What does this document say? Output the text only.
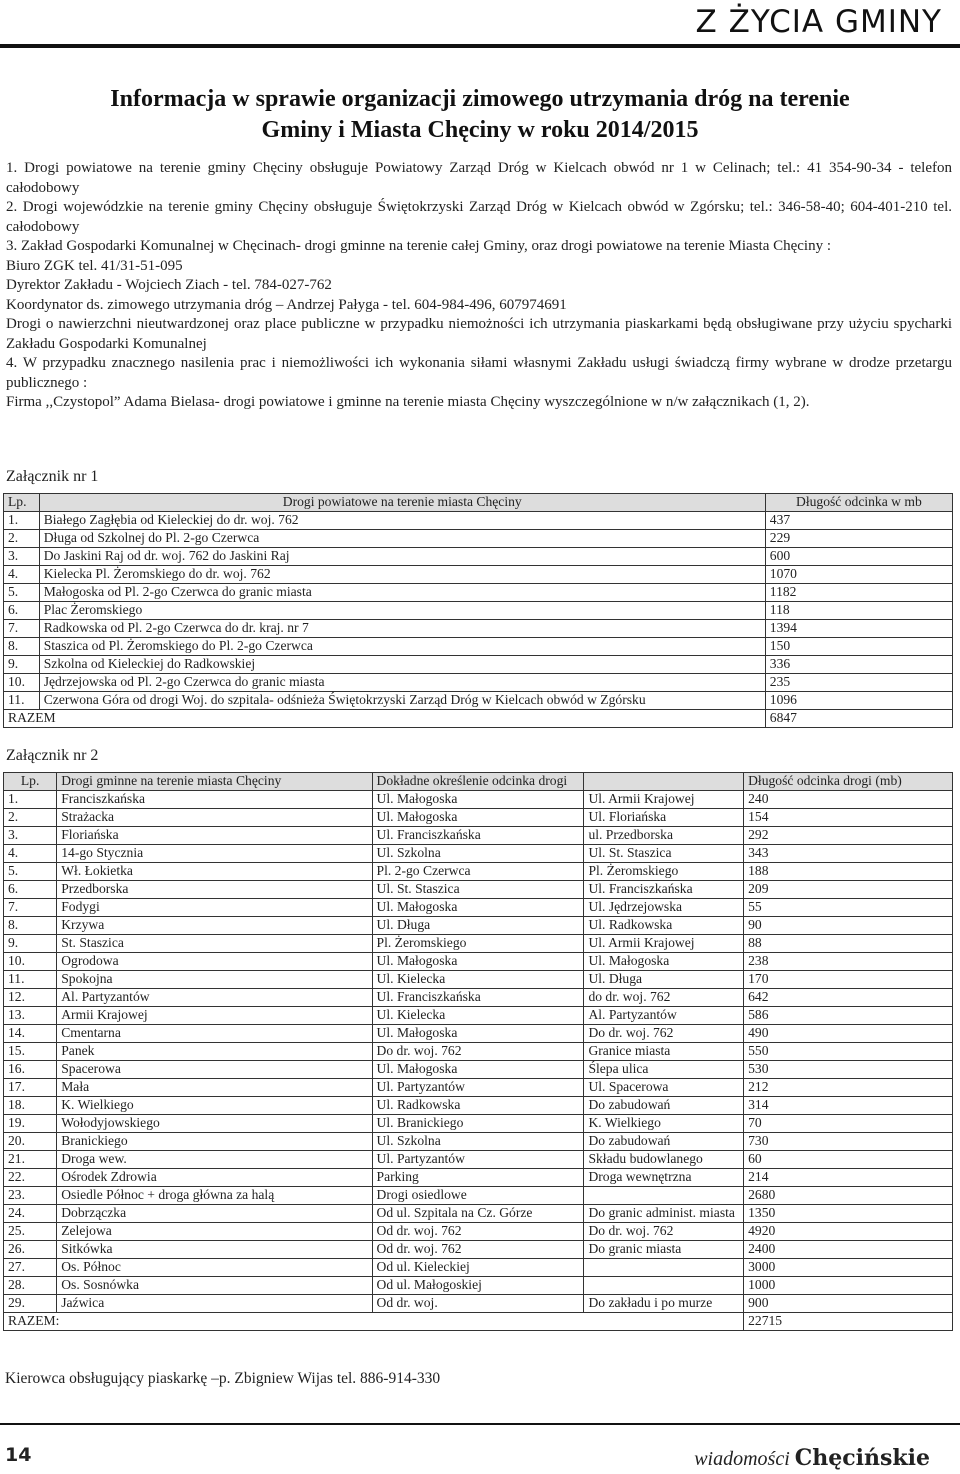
Z ŻYCIA GMINY
Informacja w sprawie organizacji zimowego utrzymania dróg na terenie
Gminy i Miasta Chęciny w roku 2014/2015

1. Drogi powiatowe na terenie gminy Chęciny obsługuje Powiatowy Zarząd Dróg w Kielcach obwód nr 1 w Celinach; tel.: 41 354-90-34 - telefon całodobowy

2. Drogi wojewódzkie na terenie gminy Chęciny obsługuje Świętokrzyski Zarząd Dróg w Kielcach obwód w Zgórsku; tel.: 346-58-40; 604-401-210 tel. całodobowy

3. Zakład Gospodarki Komunalnej w Chęcinach- drogi gminne na terenie całej Gminy, oraz drogi powiatowe na terenie Miasta Chęciny :

Biuro ZGK tel. 41/31-51-095

Dyrektor Zakładu - Wojciech Ziach - tel. 784-027-762

Koordynator ds. zimowego utrzymania dróg – Andrzej Pałyga - tel. 604-984-496, 607974691

Drogi o nawierzchni nieutwardzonej oraz place publiczne w przypadku niemożności ich utrzymania piaskarkami będą obsługiwane przy użyciu spycharki Zakładu Gospodarki Komunalnej

4. W przypadku znacznego nasilenia prac i niemożliwości ich wykonania siłami własnymi Zakładu usługi świadczą firmy wybrane w drodze przetargu publicznego :

Firma ,,Czystopol” Adama Bielasa- drogi powiatowe i gminne na terenie miasta Chęciny wyszczególnione w n/w załącznikach (1, 2).

Załącznik nr 1
Lp.	Drogi powiatowe na terenie miasta Chęciny	Długość odcinka w mb
1.	Białego Zagłębia od Kieleckiej do dr. woj. 762	437
2.	Długa od Szkolnej do Pl. 2-go Czerwca	229
3.	Do Jaskini Raj od dr. woj. 762 do Jaskini Raj	600
4.	Kielecka Pl. Żeromskiego do dr. woj. 762	1070
5.	Małogoska od Pl. 2-go Czerwca do granic miasta	1182
6.	Plac Żeromskiego	118
7.	Radkowska od Pl. 2-go Czerwca do dr. kraj. nr 7	1394
8.	Staszica od Pl. Żeromskiego do Pl. 2-go Czerwca	150
9.	Szkolna od Kieleckiej do Radkowskiej	336
10.	Jędrzejowska od Pl. 2-go Czerwca do granic miasta	235
11.	Czerwona Góra od drogi Woj. do szpitala- odśnieża Świętokrzyski Zarząd Dróg w Kielcach obwód w Zgórsku	1096
RAZEM		6847
Załącznik nr 2
Lp.	Drogi gminne na terenie miasta Chęciny	Dokładne określenie odcinka drogi		Długość odcinka drogi (mb)
1.	Franciszkańska	Ul. Małogoska	Ul. Armii Krajowej	240
2.	Strażacka	Ul. Małogoska	Ul. Floriańska	154
3.	Floriańska	Ul. Franciszkańska	ul. Przedborska	292
4.	14-go Stycznia	Ul. Szkolna	Ul. St. Staszica	343
5.	Wł. Łokietka	Pl. 2-go Czerwca	Pl. Żeromskiego	188
6.	Przedborska	Ul. St. Staszica	Ul. Franciszkańska	209
7.	Fodygi	Ul. Małogoska	Ul. Jędrzejowska	55
8.	Krzywa	Ul. Długa	Ul. Radkowska	90
9.	St. Staszica	Pl. Żeromskiego	Ul. Armii Krajowej	88
10.	Ogrodowa	Ul. Małogoska	Ul. Małogoska	238
11.	Spokojna	Ul. Kielecka	Ul. Długa	170
12.	Al. Partyzantów	Ul. Franciszkańska	do dr. woj. 762	642
13.	Armii Krajowej	Ul. Kielecka	Al. Partyzantów	586
14.	Cmentarna	Ul. Małogoska	Do dr. woj. 762	490
15.	Panek	Do dr. woj. 762	Granice miasta	550
16.	Spacerowa	Ul. Małogoska	Ślepa ulica	530
17.	Mała	Ul. Partyzantów	Ul. Spacerowa	212
18.	K. Wielkiego	Ul. Radkowska	Do zabudowań	314
19.	Wołodyjowskiego	Ul. Branickiego	K. Wielkiego	70
20.	Branickiego	Ul. Szkolna	Do zabudowań	730
21.	Droga wew.	Ul. Partyzantów	Składu budowlanego	60
22.	Ośrodek Zdrowia	Parking	Droga wewnętrzna	214
23.	Osiedle Północ + droga główna za halą	Drogi osiedlowe		2680
24.	Dobrzączka	Od ul. Szpitala na Cz. Górze	Do granic administ. miasta	1350
25.	Zelejowa	Od dr. woj. 762	Do dr. woj. 762	4920
26.	Sitkówka	Od dr. woj. 762	Do granic miasta	2400
27.	Os. Północ	Od ul. Kieleckiej		3000
28.	Os. Sosnówka	Od ul. Małogoskiej		1000
29.	Jaźwica	Od dr. woj.	Do zakładu i po murze	900
RAZEM:				22715
Kierowca obsługujący piaskarkę –p. Zbigniew Wijas tel. 886-914-330
14	wiadomości Chęcińskie
